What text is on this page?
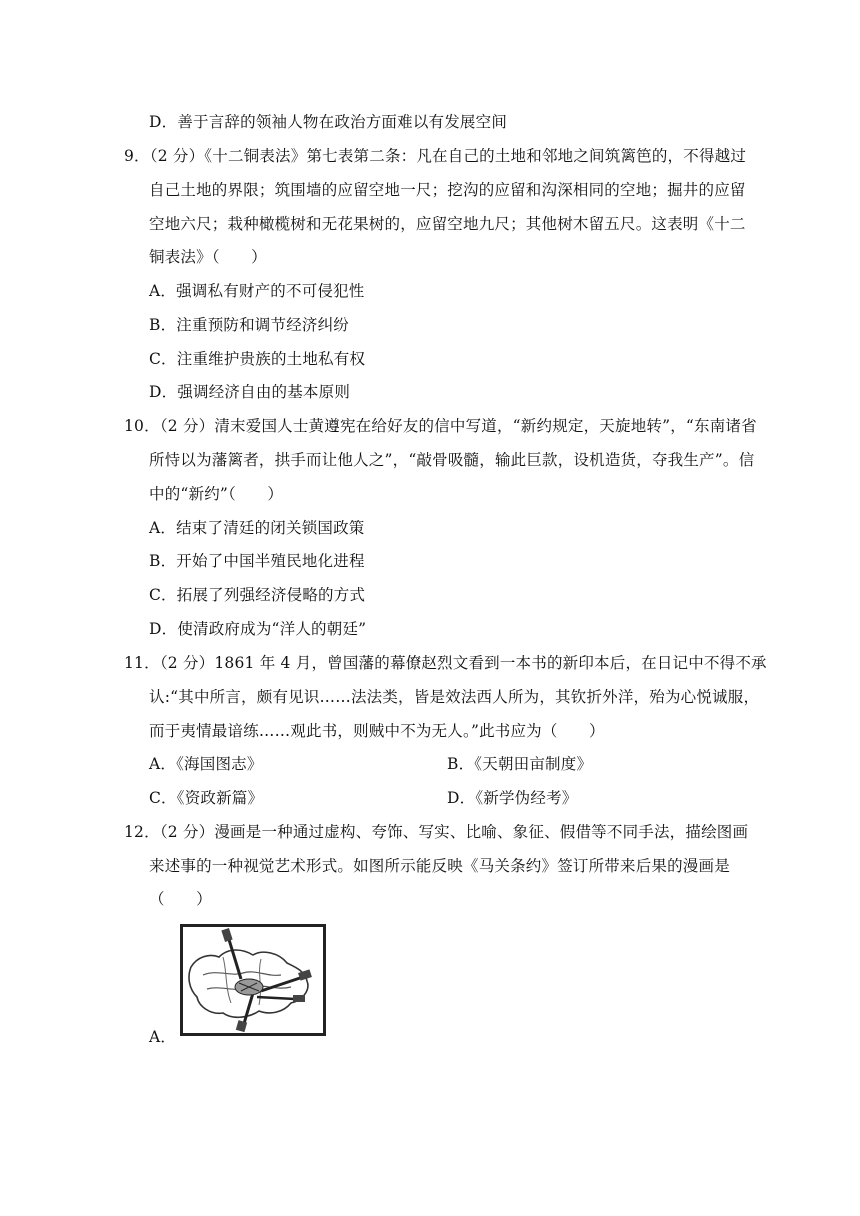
D．善于言辞的领袖人物在政治方面难以有发展空间
9．（2 分）《十二铜表法》第七表第二条：凡在自己的土地和邻地之间筑篱笆的，不得越过
自己土地的界限；筑围墙的应留空地一尺；挖沟的应留和沟深相同的空地；掘井的应留
空地六尺；栽种橄榄树和无花果树的，应留空地九尺；其他树木留五尺。这表明《十二
铜表法》（　　）
A．强调私有财产的不可侵犯性
B．注重预防和调节经济纠纷
C．注重维护贵族的土地私有权
D．强调经济自由的基本原则
10．（2 分）清末爱国人士黄遵宪在给好友的信中写道，“新约规定，天旋地转”，“东南诸省
所恃以为藩篱者，拱手而让他人之”，“敲骨吸髓，输此巨款，设机造货，夺我生产”。信
中的“新约”（　　）
A．结束了清廷的闭关锁国政策
B．开始了中国半殖民地化进程
C．拓展了列强经济侵略的方式
D．使清政府成为“洋人的朝廷”
11．（2 分）1861 年 4 月，曾国藩的幕僚赵烈文看到一本书的新印本后，在日记中不得不承
认:“其中所言，颇有见识……法法类，皆是效法西人所为，其钦折外洋，殆为心悦诚服，
而于夷情最谙练……观此书，则贼中不为无人。”此书应为（　　）
A．《海国图志》	B．《天朝田亩制度》
C．《资政新篇》	D．《新学伪经考》
12．（2 分）漫画是一种通过虚构、夸饰、写实、比喻、象征、假借等不同手法，描绘图画
来述事的一种视觉艺术形式。如图所示能反映《马关条约》签订所带来后果的漫画是
（　　）
A．
